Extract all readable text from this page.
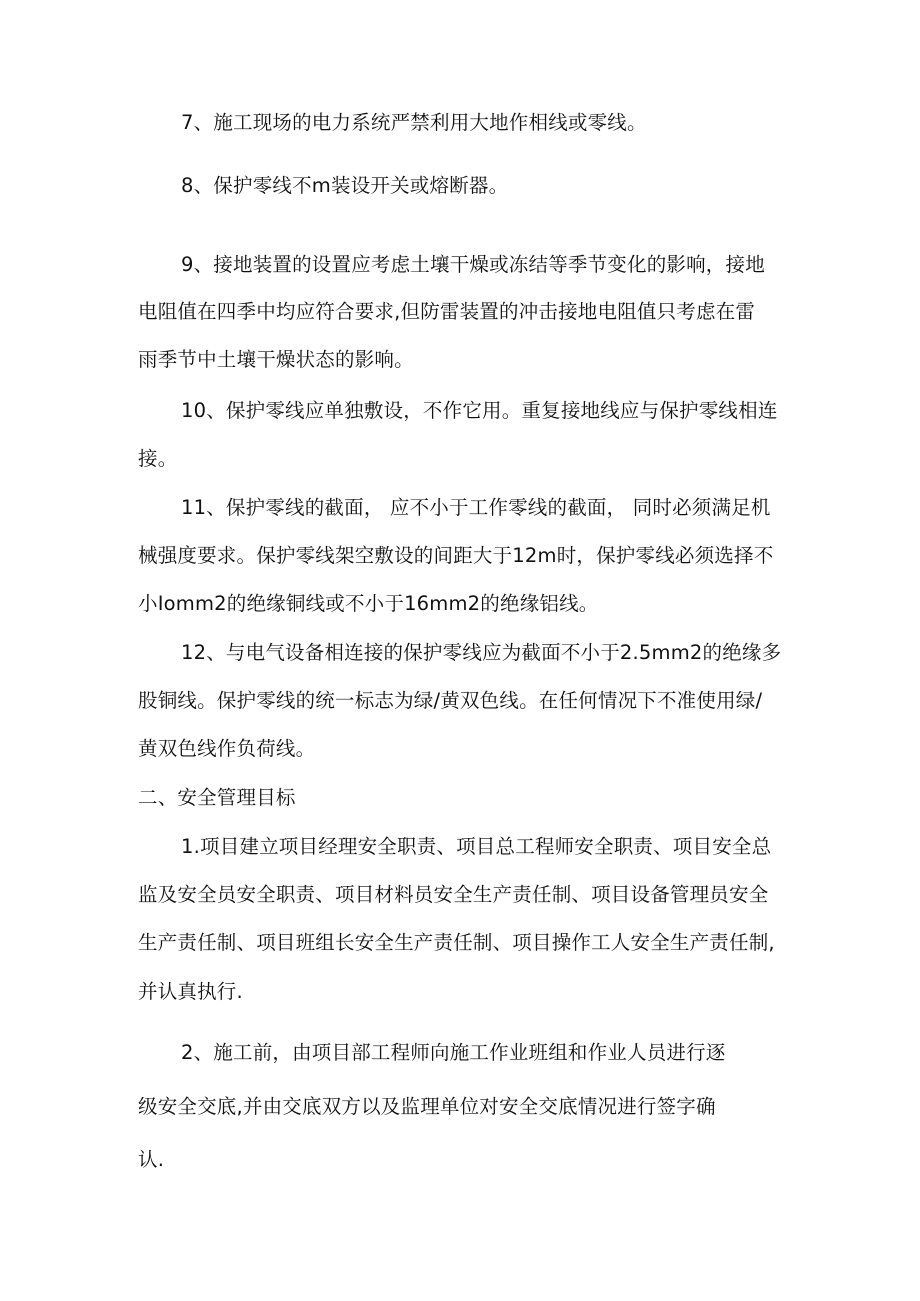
7、施工现场的电力系统严禁利用大地作相线或零线。
8、保护零线不m装设开关或熔断器。
9、接地装置的设置应考虑土壤干燥或冻结等季节变化的影响，接地
电阻值在四季中均应符合要求,但防雷装置的冲击接地电阻值只考虑在雷
雨季节中土壤干燥状态的影响。
10、保护零线应单独敷设，不作它用。重复接地线应与保护零线相连
接。
11、保护零线的截面， 应不小于工作零线的截面， 同时必须满足机
械强度要求。保护零线架空敷设的间距大于12m时，保护零线必须选择不
小Iomm2的绝缘铜线或不小于16mm2的绝缘铝线。
12、与电气设备相连接的保护零线应为截面不小于2.5mm2的绝缘多
股铜线。保护零线的统一标志为绿/黄双色线。在任何情况下不准使用绿/
黄双色线作负荷线。
二、安全管理目标
1.项目建立项目经理安全职责、项目总工程师安全职责、项目安全总
监及安全员安全职责、项目材料员安全生产责任制、项目设备管理员安全
生产责任制、项目班组长安全生产责任制、项目操作工人安全生产责任制,
并认真执行.
2、施工前，由项目部工程师向施工作业班组和作业人员进行逐
级安全交底,并由交底双方以及监理单位对安全交底情况进行签字确
认.
